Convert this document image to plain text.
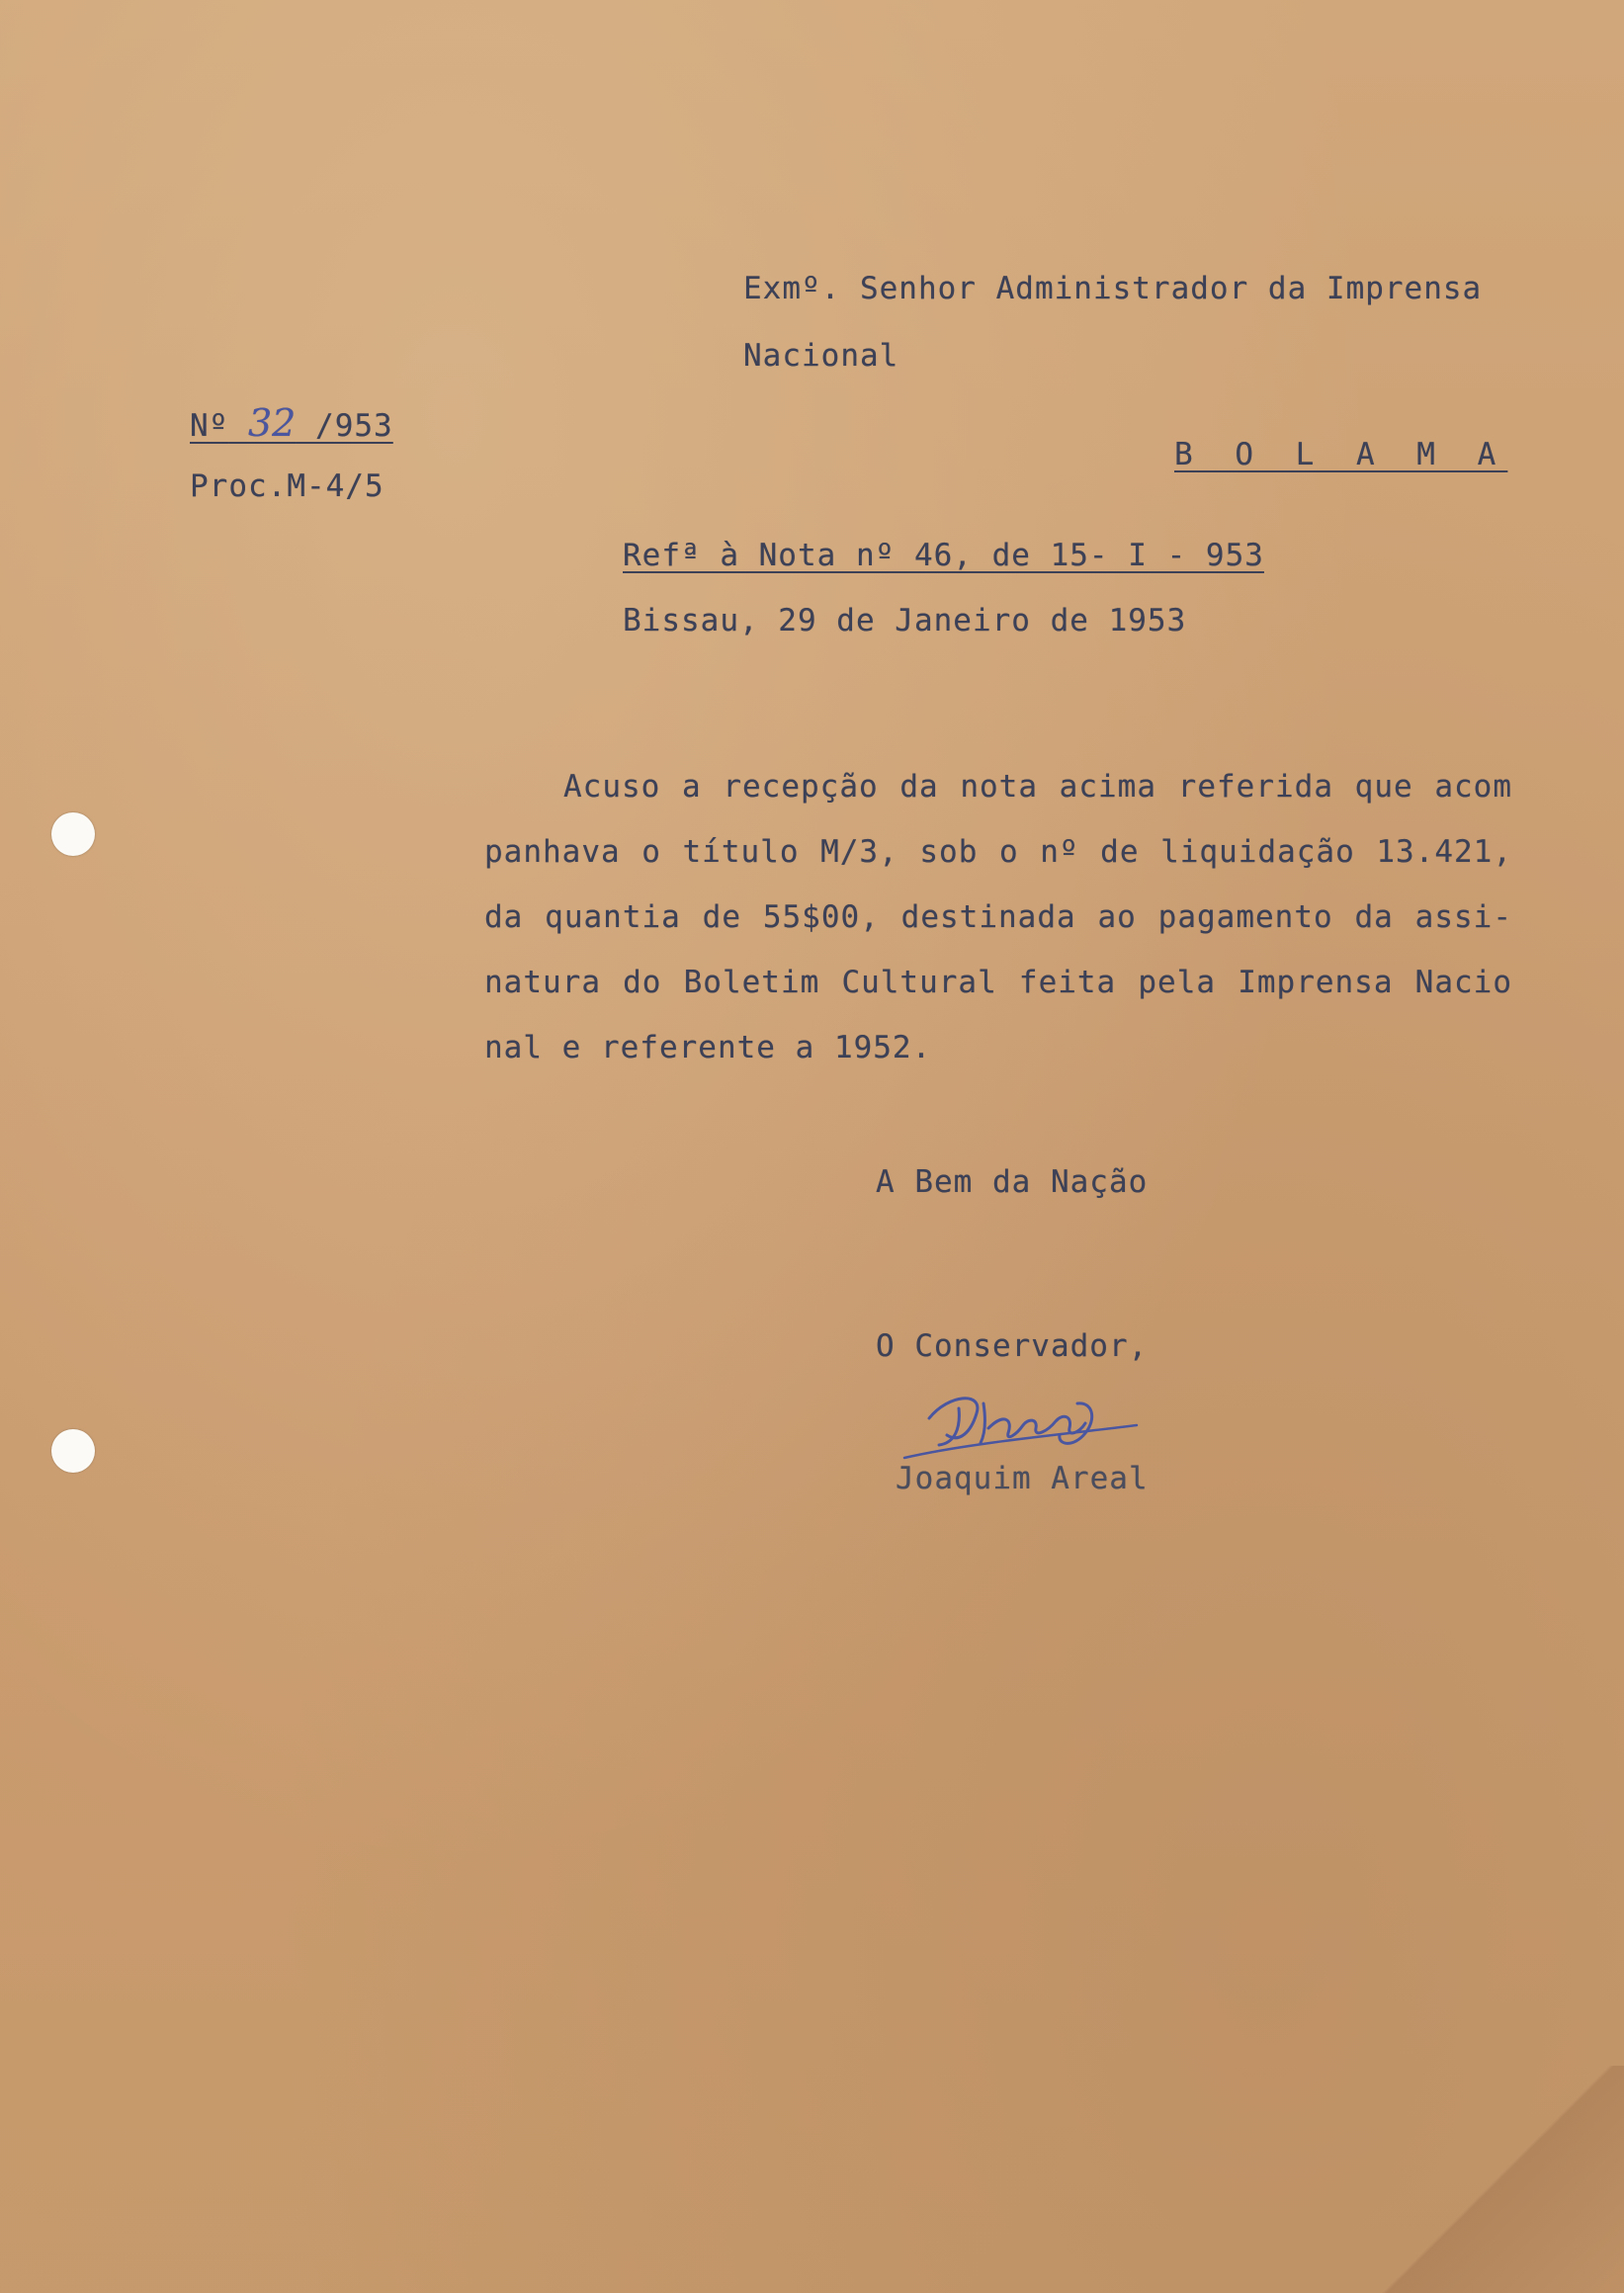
Exmº. Senhor Administrador da Imprensa
Nacional
B O L A M A
Nº 32 /953
Proc.M-4/5
Refª à Nota nº 46, de 15- I - 953
Bissau, 29 de Janeiro de 1953
Acuso a recepção da nota acima referida que acom
panhava o título M/3, sob o nº de liquidação 13.421,
da quantia de 55$00, destinada ao pagamento da assi-
natura do Boletim Cultural feita pela Imprensa Nacio
nal e referente a 1952.
A Bem da Nação
O Conservador,
Joaquim Areal
